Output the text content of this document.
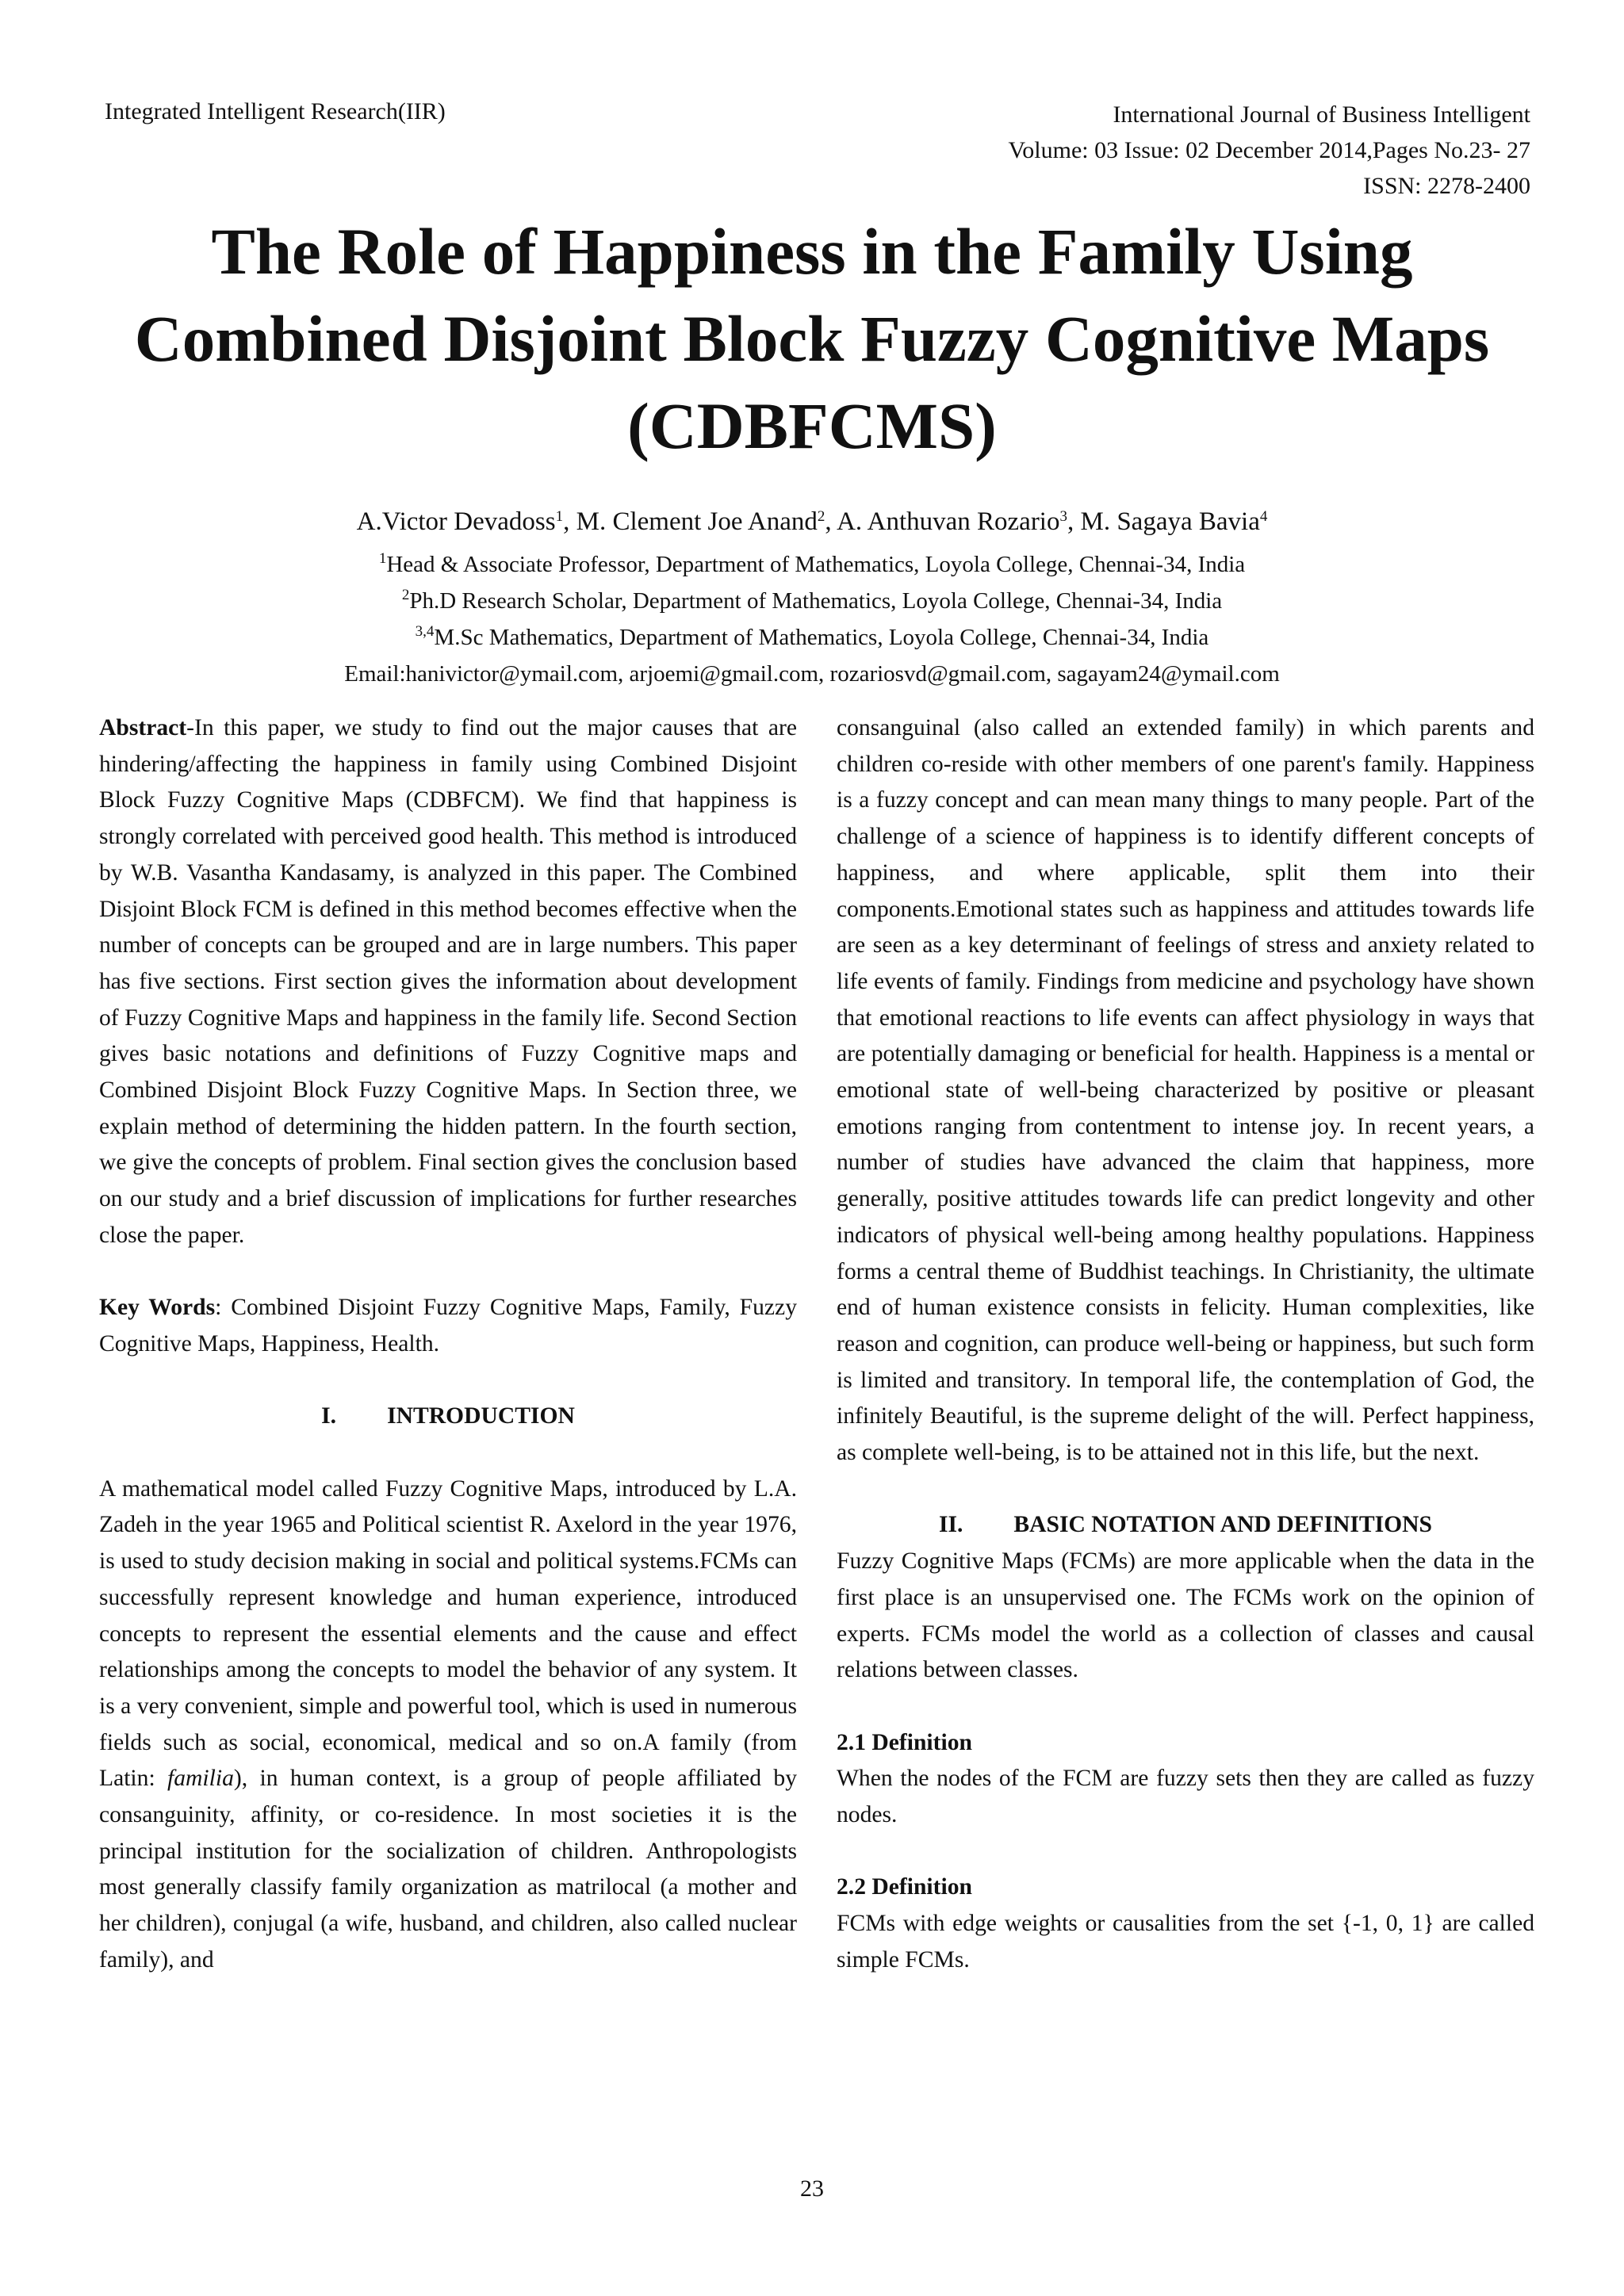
Integrated Intelligent Research(IIR)	International Journal of Business Intelligent
Volume: 03 Issue: 02 December 2014,Pages No.23- 27
ISSN: 2278-2400
The Role of Happiness in the Family Using
Combined Disjoint Block Fuzzy Cognitive Maps
(CDBFCMS)
A.Victor Devadoss$^1$, M. Clement Joe Anand$^2$, A. Anthuvan Rozario$^3$, M. Sagaya Bavia$^4$
$^1$Head & Associate Professor, Department of Mathematics, Loyola College, Chennai-34, India
$^2$Ph.D Research Scholar, Department of Mathematics, Loyola College, Chennai-34, India
$^{3,4}$M.Sc Mathematics, Department of Mathematics, Loyola College, Chennai-34, India
Email:hanivictor@ymail.com, arjoemi@gmail.com, rozariosvd@gmail.com, sagayam24@ymail.com

Abstract-In this paper, we study to find out the major causes that are hindering/affecting the happiness in family using Combined Disjoint Block Fuzzy Cognitive Maps (CDBFCM). We find that happiness is strongly correlated with perceived good health. This method is introduced by W.B. Vasantha Kandasamy, is analyzed in this paper. The Combined Disjoint Block FCM is defined in this method becomes effective when the number of concepts can be grouped and are in large numbers. This paper has five sections. First section gives the information about development of Fuzzy Cognitive Maps and happiness in the family life. Second Section gives basic notations and definitions of Fuzzy Cognitive maps and Combined Disjoint Block Fuzzy Cognitive Maps. In Section three, we explain method of determining the hidden pattern. In the fourth section, we give the concepts of problem. Final section gives the conclusion based on our study and a brief discussion of implications for further researches close the paper.

Key Words: Combined Disjoint Fuzzy Cognitive Maps, Family, Fuzzy Cognitive Maps, Happiness, Health.

I. INTRODUCTION

A mathematical model called Fuzzy Cognitive Maps, introduced by L.A. Zadeh in the year 1965 and Political scientist R. Axelord in the year 1976, is used to study decision making in social and political systems.FCMs can successfully represent knowledge and human experience, introduced concepts to represent the essential elements and the cause and effect relationships among the concepts to model the behavior of any system. It is a very convenient, simple and powerful tool, which is used in numerous fields such as social, economical, medical and so on.A family (from Latin: familia), in human context, is a group of people affiliated by consanguinity, affinity, or co-residence. In most societies it is the principal institution for the socialization of children. Anthropologists most generally classify family organization as matrilocal (a mother and her children), conjugal (a wife, husband, and children, also called nuclear family), and

consanguinal (also called an extended family) in which parents and children co-reside with other members of one parent's family. Happiness is a fuzzy concept and can mean many things to many people. Part of the challenge of a science of happiness is to identify different concepts of happiness, and where applicable, split them into their components.Emotional states such as happiness and attitudes towards life are seen as a key determinant of feelings of stress and anxiety related to life events of family. Findings from medicine and psychology have shown that emotional reactions to life events can affect physiology in ways that are potentially damaging or beneficial for health. Happiness is a mental or emotional state of well-being characterized by positive or pleasant emotions ranging from contentment to intense joy. In recent years, a number of studies have advanced the claim that happiness, more generally, positive attitudes towards life can predict longevity and other indicators of physical well-being among healthy populations. Happiness forms a central theme of Buddhist teachings. In Christianity, the ultimate end of human existence consists in felicity. Human complexities, like reason and cognition, can produce well-being or happiness, but such form is limited and transitory. In temporal life, the contemplation of God, the infinitely Beautiful, is the supreme delight of the will. Perfect happiness, as complete well-being, is to be attained not in this life, but the next.

II. BASIC NOTATION AND DEFINITIONS

Fuzzy Cognitive Maps (FCMs) are more applicable when the data in the first place is an unsupervised one. The FCMs work on the opinion of experts. FCMs model the world as a collection of classes and causal relations between classes.

2.1 Definition

When the nodes of the FCM are fuzzy sets then they are called as fuzzy nodes.

2.2 Definition

FCMs with edge weights or causalities from the set {-1, 0, 1} are called simple FCMs.

23
